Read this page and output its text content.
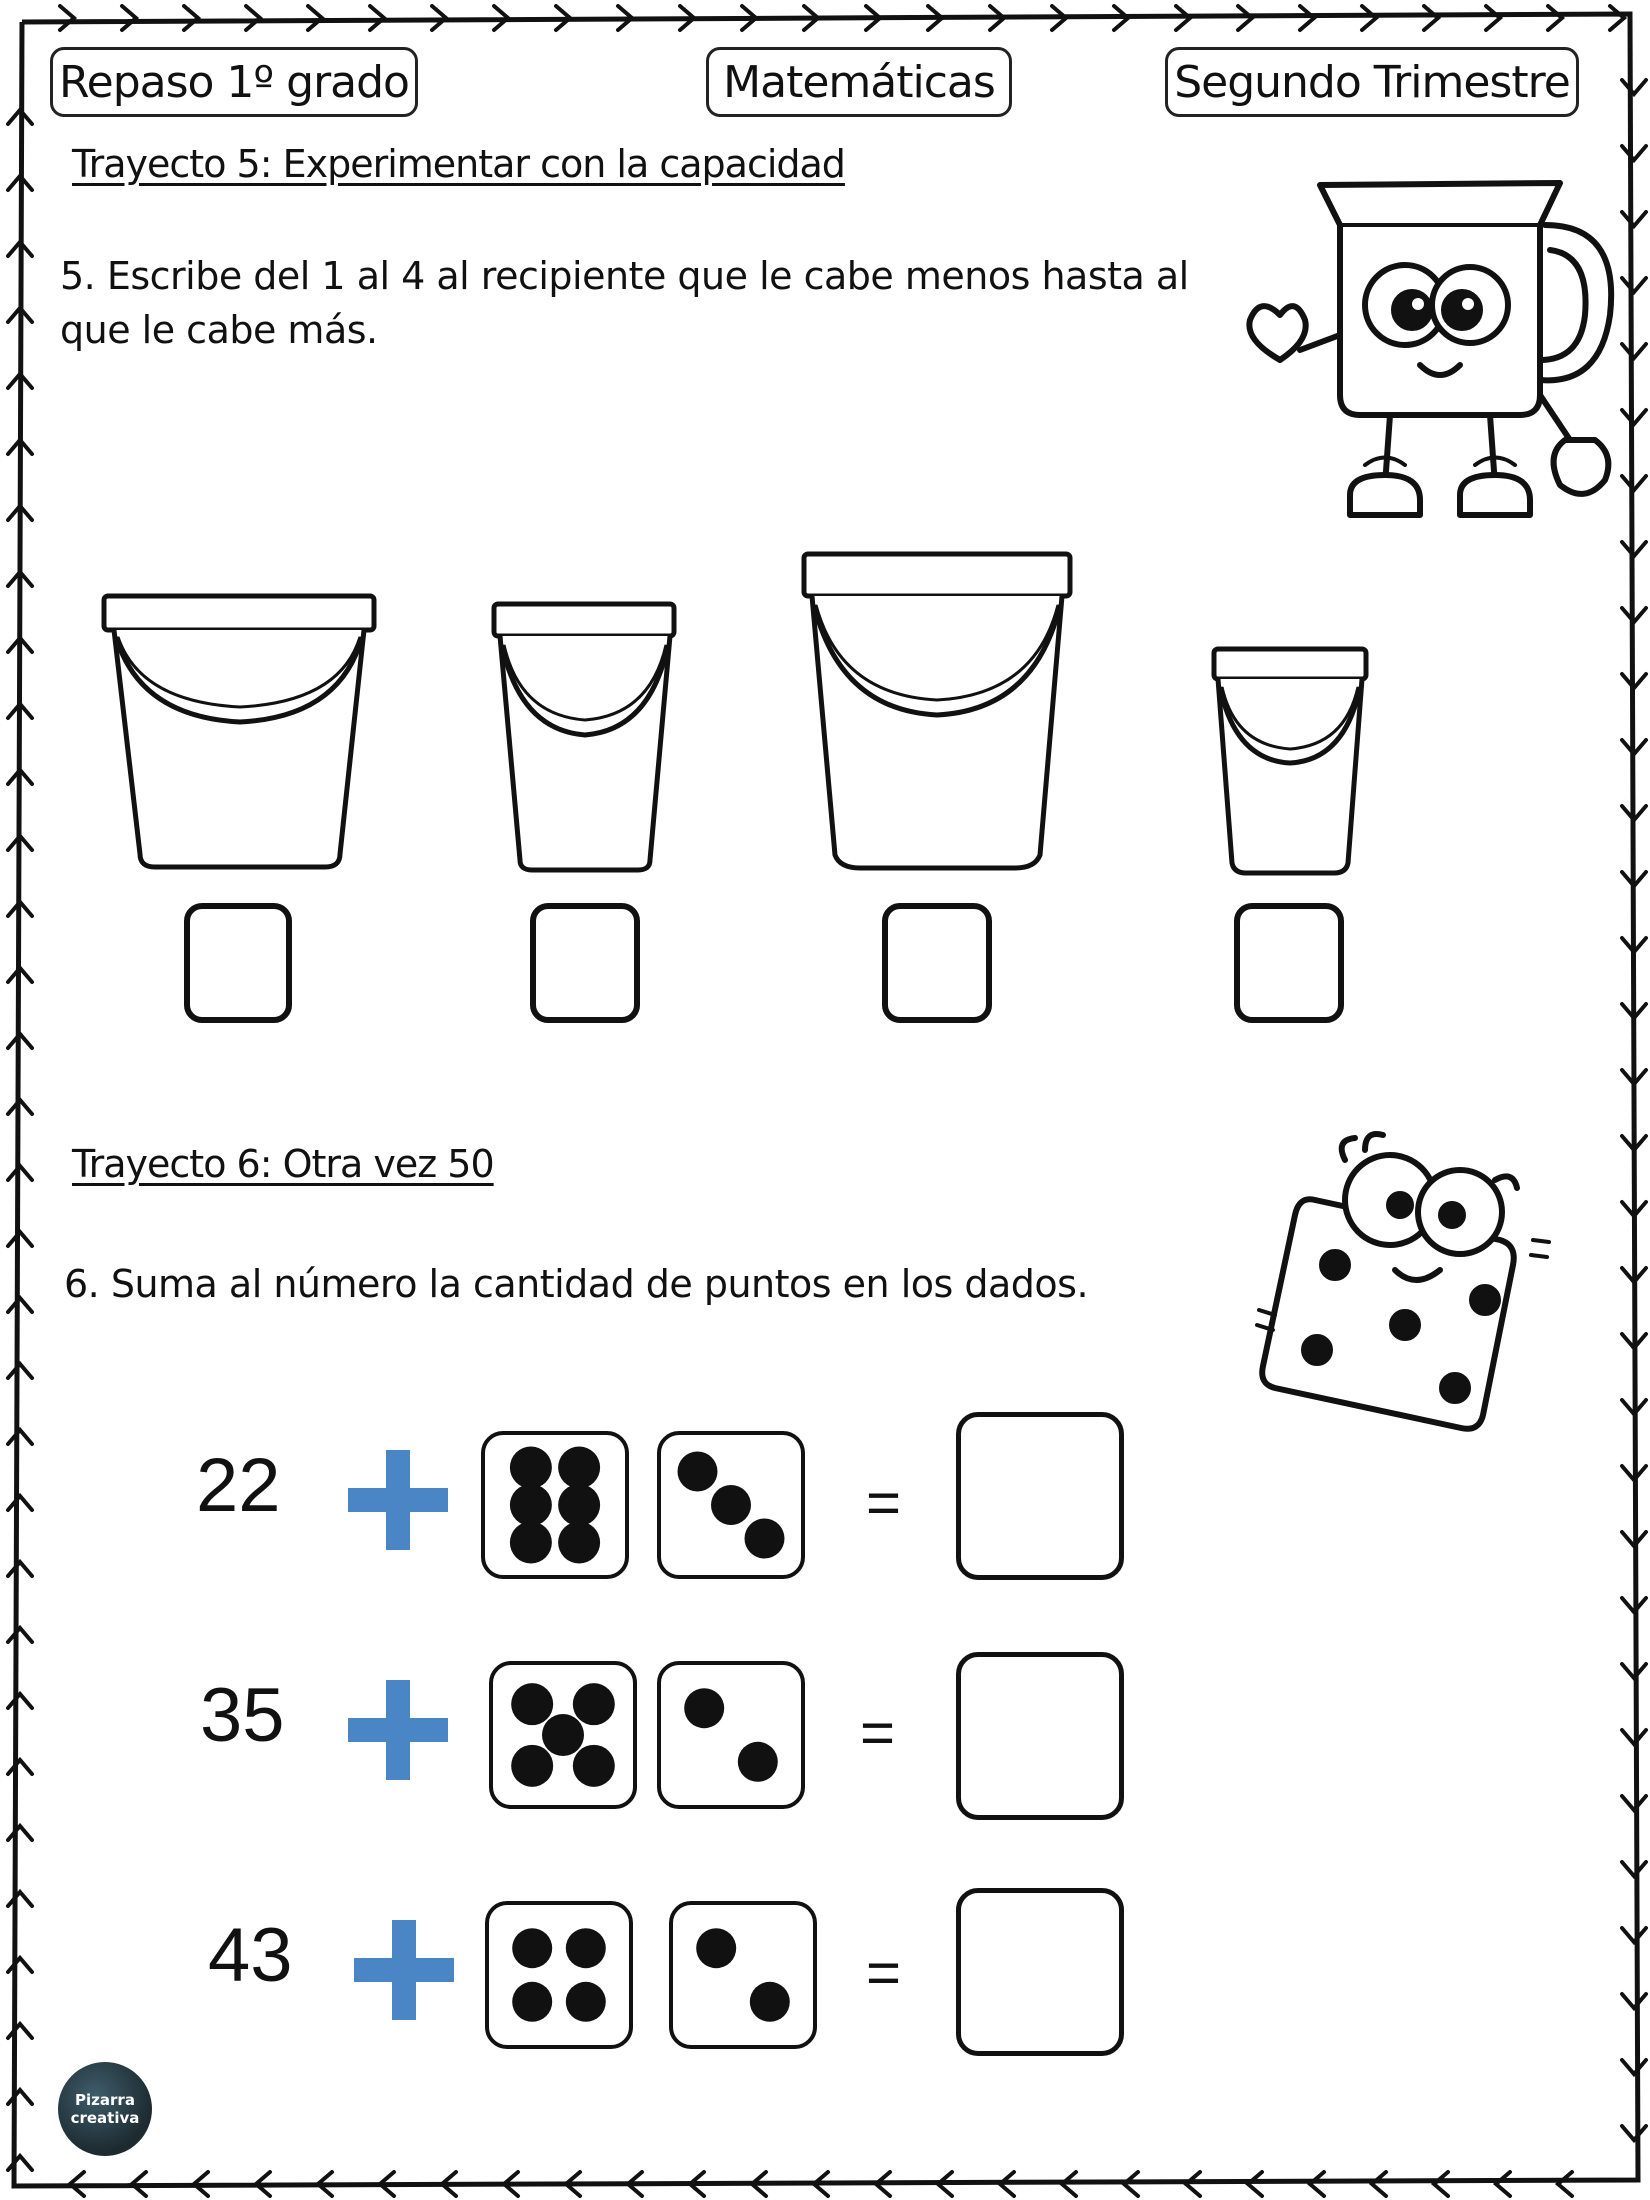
Repaso 1º grado	Matemáticas	Segundo Trimestre
Trayecto 5: Experimentar con la capacidad
5. Escribe del 1 al 4 al recipiente que le cabe menos hasta al
que le cabe más.
Trayecto 6: Otra vez 50
6. Suma al número la cantidad de puntos en los dados.
22	=
35	=
43	=
Pizarra
creativa
